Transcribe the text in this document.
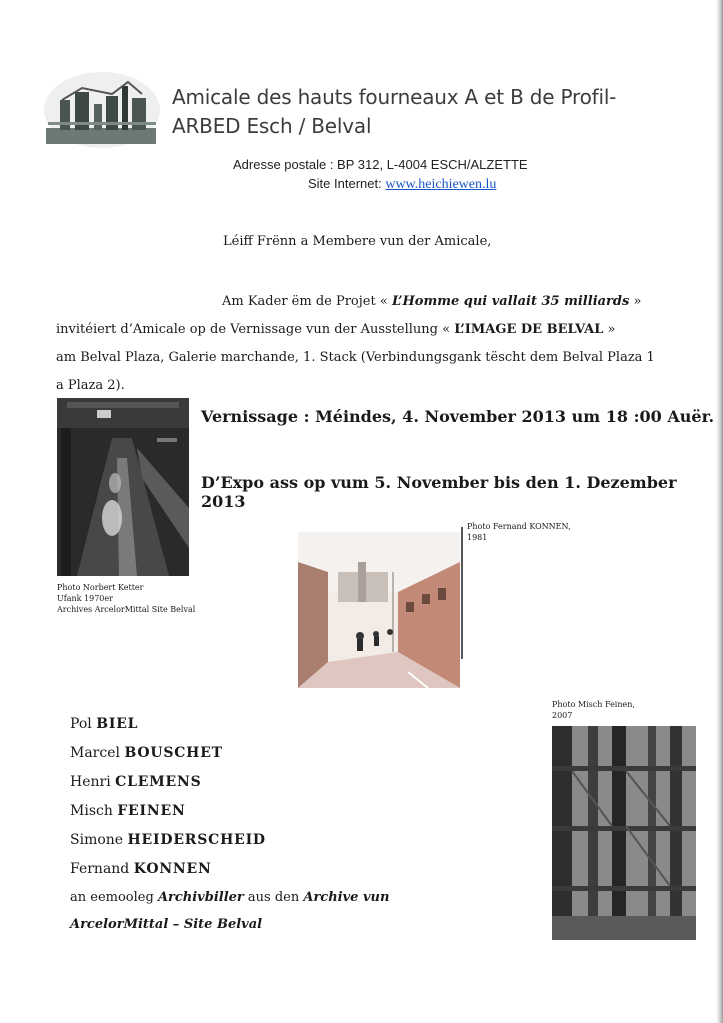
Amicale des hauts fourneaux A et B de Profil-
ARBED Esch / Belval
Adresse postale : BP 312, L-4004 ESCH/ALZETTE
Site Internet: www.heichiewen.lu
Léiff Frënn a Membere vun der Amicale,
Am Kader ëm de Projet « L’Homme qui vallait 35 milliards »
invitéiert d’Amicale op de Vernissage vun der Ausstellung « L’IMAGE DE BELVAL »
am Belval Plaza, Galerie marchande, 1. Stack (Verbindungsgank tëscht dem Belval Plaza 1
a Plaza 2).
Photo Norbert Ketter
Ufank 1970er
Archives ArcelorMittal Site Belval
Vernissage : Méindes, 4. November 2013 um 18 :00 Auër.
D’Expo ass op vum 5. November bis den 1. Dezember 2013
Photo Fernand KONNEN,
1981
Photo Misch Feinen,
2007
Pol BIEL
Marcel BOUSCHET
Henri CLEMENS
Misch FEINEN
Simone HEIDERSCHEID
Fernand KONNEN
an eemooleg Archivbiller aus den Archive vun
ArcelorMittal – Site Belval
